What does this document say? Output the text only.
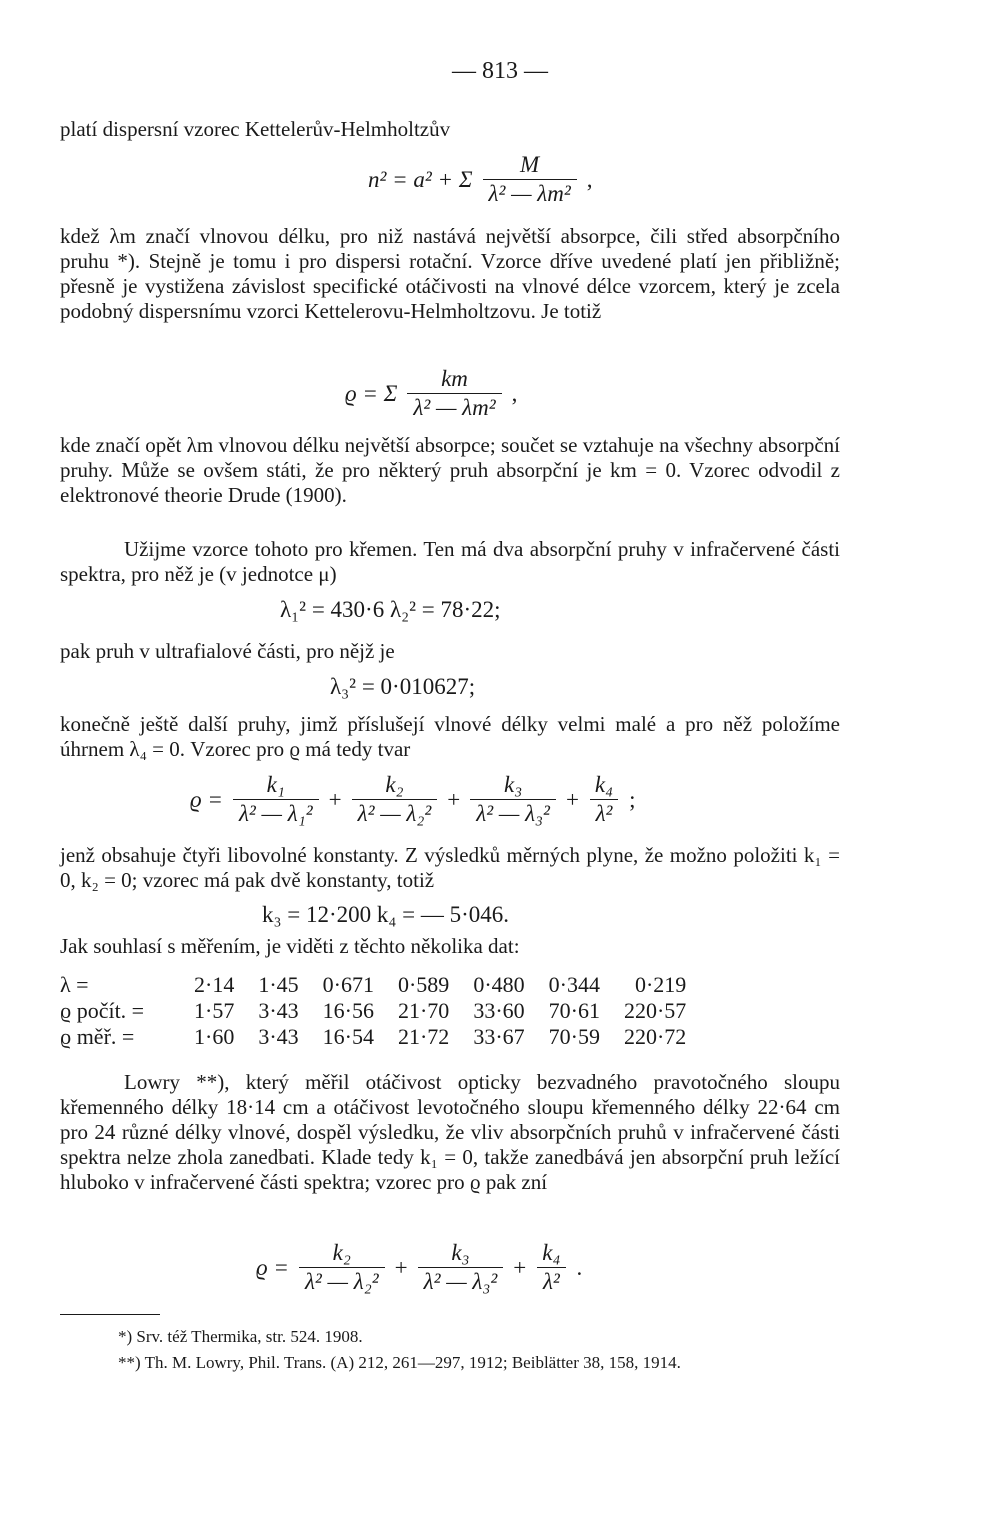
— 813 —
platí dispersní vzorec Kettelerův-Helmholtzův
n² = a² + Σ $\frac{M}{\text{λ² — λm²}}$ ,
kdež λm značí vlnovou délku, pro niž nastává největší absorpce, čili střed absorpčního pruhu *). Stejně je tomu i pro dispersi rotační. Vzorce dříve uvedené platí jen přibližně; přesně je vystižena závislost specifické otáčivosti na vlnové délce vzorcem, který je zcela podobný dispersnímu vzorci Kettelerovu-Helmholtzovu. Je totiž
ϱ = Σ $\frac{km}{\text{λ² — λm²}}$ ,
kde značí opět λm vlnovou délku největší absorpce; součet se vztahuje na všechny absorpční pruhy. Může se ovšem státi, že pro některý pruh absorpční je km = 0. Vzorec odvodil z elektronové theorie Drude (1900).
Užijme vzorce tohoto pro křemen. Ten má dva absorpční pruhy v infračervené části spektra, pro něž je (v jednotce μ)
λ₁² = 430·6 λ₂² = 78·22;
pak pruh v ultrafialové části, pro nějž je
λ₃² = 0·010627;
konečně ještě další pruhy, jimž příslušejí vlnové délky velmi malé a pro něž položíme úhrnem λ₄ = 0. Vzorec pro ϱ má tedy tvar
$ϱ = \frac{\text{k₁}}{\text{λ² — λ₁²}} + \frac{\text{k₂}}{\text{λ² — λ₂²}} + \frac{\text{k₃}}{\text{λ² — λ₃²}} + \frac{\text{k₄}}{\text{λ²}}$ ;
jenž obsahuje čtyři libovolné konstanty. Z výsledků měrných plyne, že možno položiti k₁ = 0, k₂ = 0; vzorec má pak dvě konstanty, totiž
k₃ = 12·200 k₄ = — 5·046.
Jak souhlasí s měřením, je viděti z těchto několika dat:
λ =	2·14	1·45	0·671	0·589	0·480	0·344	0·219
ϱ počít. =	1·57	3·43	16·56	21·70	33·60	70·61	220·57
ϱ měř. =	1·60	3·43	16·54	21·72	33·67	70·59	220·72
Lowry **), který měřil otáčivost opticky bezvadného pravotočného sloupu křemenného délky 18·14 cm a otáčivost levotočného sloupu křemenného délky 22·64 cm pro 24 různé délky vlnové, dospěl výsledku, že vliv absorpčních pruhů v infračervené části spektra nelze zhola zanedbati. Klade tedy k₁ = 0, takže zanedbává jen absorpční pruh ležící hluboko v infračervené části spektra; vzorec pro ϱ pak zní
$ϱ = \frac{\text{k₂}}{\text{λ² — λ₂²}} + \frac{\text{k₃}}{\text{λ² — λ₃²}} + \frac{\text{k₄}}{\text{λ²}}$ .
*) Srv. též Thermika, str. 524. 1908.
**) Th. M. Lowry, Phil. Trans. (A) 212, 261—297, 1912; Beiblätter 38, 158, 1914.
